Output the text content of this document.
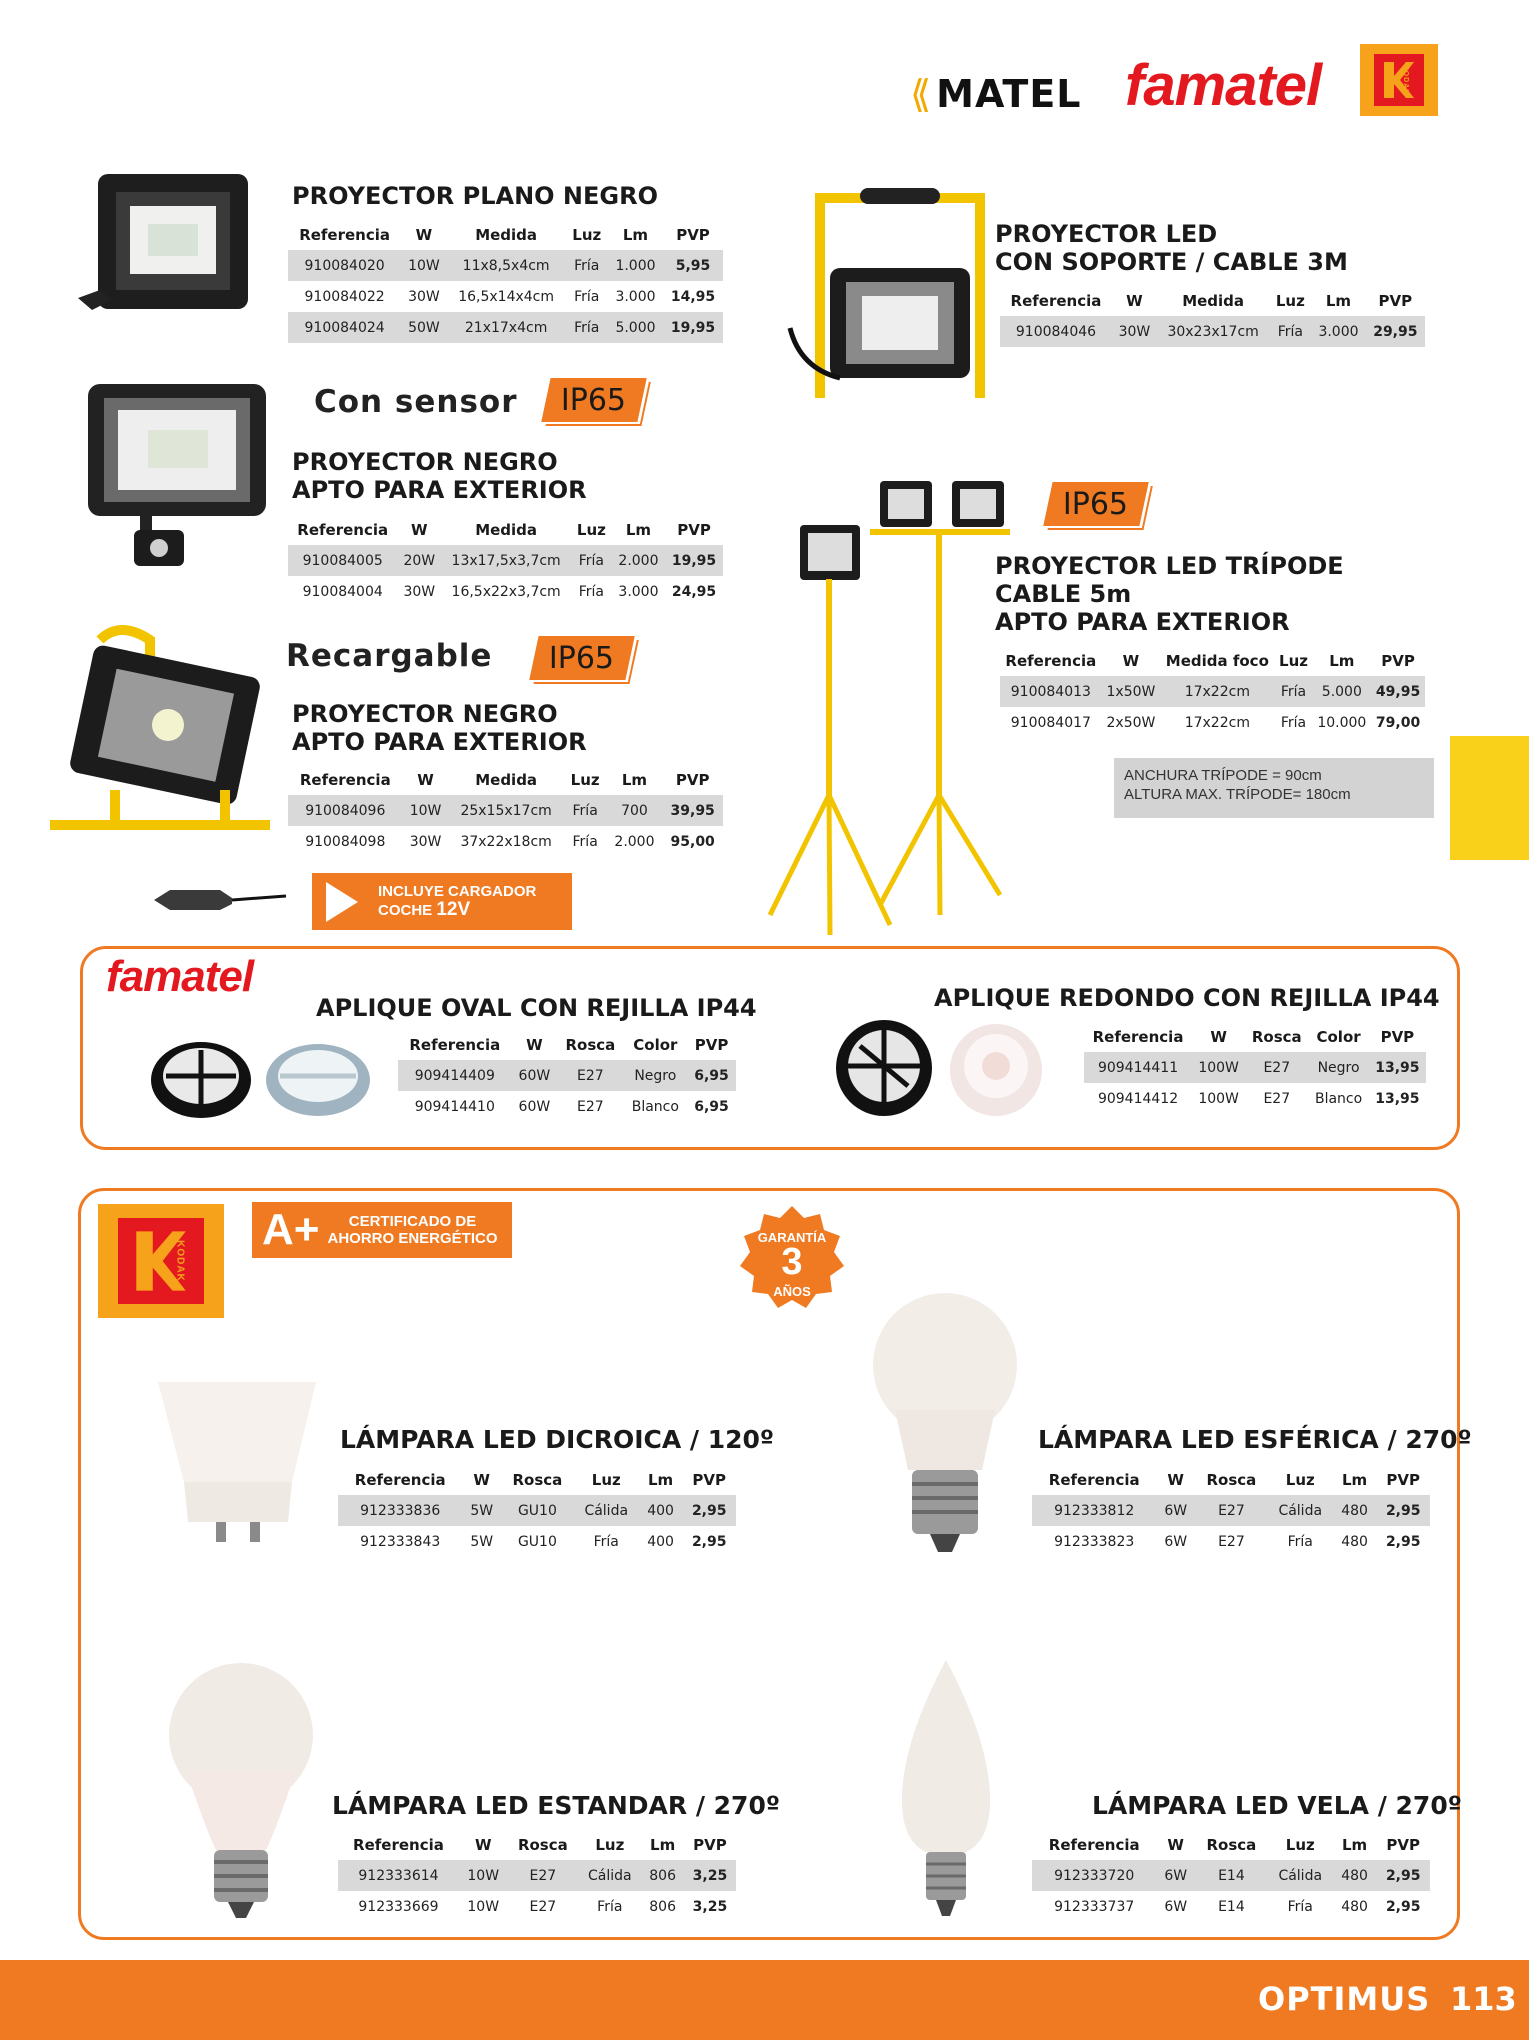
⟪ MATEL famatel	KODAK
PROYECTOR PLANO NEGRO
Referencia	W	Medida	Luz	Lm	PVP
910084020	10W	11x8,5x4cm	Fría	1.000	5,95
910084022	30W	16,5x14x4cm	Fría	3.000	14,95
910084024	50W	21x17x4cm	Fría	5.000	19,95
PROYECTOR LED
CON SOPORTE / CABLE 3M
Referencia	W	Medida	Luz	Lm	PVP
910084046	30W	30x23x17cm	Fría	3.000	29,95
Con sensor IP65
PROYECTOR NEGRO
APTO PARA EXTERIOR
Referencia	W	Medida	Luz	Lm	PVP
910084005	20W	13x17,5x3,7cm	Fría	2.000	19,95
910084004	30W	16,5x22x3,7cm	Fría	3.000	24,95
IP65
PROYECTOR LED TRÍPODE
CABLE 5m
APTO PARA EXTERIOR
Referencia	W	Medida foco	Luz	Lm	PVP
910084013	1x50W	17x22cm	Fría	5.000	49,95
910084017	2x50W	17x22cm	Fría	10.000	79,00
ANCHURA TRÍPODE = 90cm
ALTURA MAX. TRÍPODE= 180cm
Recargable IP65
PROYECTOR NEGRO
APTO PARA EXTERIOR
Referencia	W	Medida	Luz	Lm	PVP
910084096	10W	25x15x17cm	Fría	700	39,95
910084098	30W	37x22x18cm	Fría	2.000	95,00
INCLUYE CARGADOR
COCHE 12V
famatel
APLIQUE OVAL CON REJILLA IP44
Referencia	W	Rosca	Color	PVP
909414409	60W	E27	Negro	6,95
909414410	60W	E27	Blanco	6,95
APLIQUE REDONDO CON REJILLA IP44
Referencia	W	Rosca	Color	PVP
909414411	100W	E27	Negro	13,95
909414412	100W	E27	Blanco	13,95
KODAK
A+	CERTIFICADO DE
AHORRO ENERGÉTICO	GARANTÍA
3
AÑOS
LÁMPARA LED DICROICA / 120º
Referencia	W	Rosca	Luz	Lm	PVP
912333836	5W	GU10	Cálida	400	2,95
912333843	5W	GU10	Fría	400	2,95
LÁMPARA LED ESFÉRICA / 270º
Referencia	W	Rosca	Luz	Lm	PVP
912333812	6W	E27	Cálida	480	2,95
912333823	6W	E27	Fría	480	2,95
LÁMPARA LED ESTANDAR / 270º
Referencia	W	Rosca	Luz	Lm	PVP
912333614	10W	E27	Cálida	806	3,25
912333669	10W	E27	Fría	806	3,25
LÁMPARA LED VELA / 270º
Referencia	W	Rosca	Luz	Lm	PVP
912333720	6W	E14	Cálida	480	2,95
912333737	6W	E14	Fría	480	2,95
OPTIMUS 113
